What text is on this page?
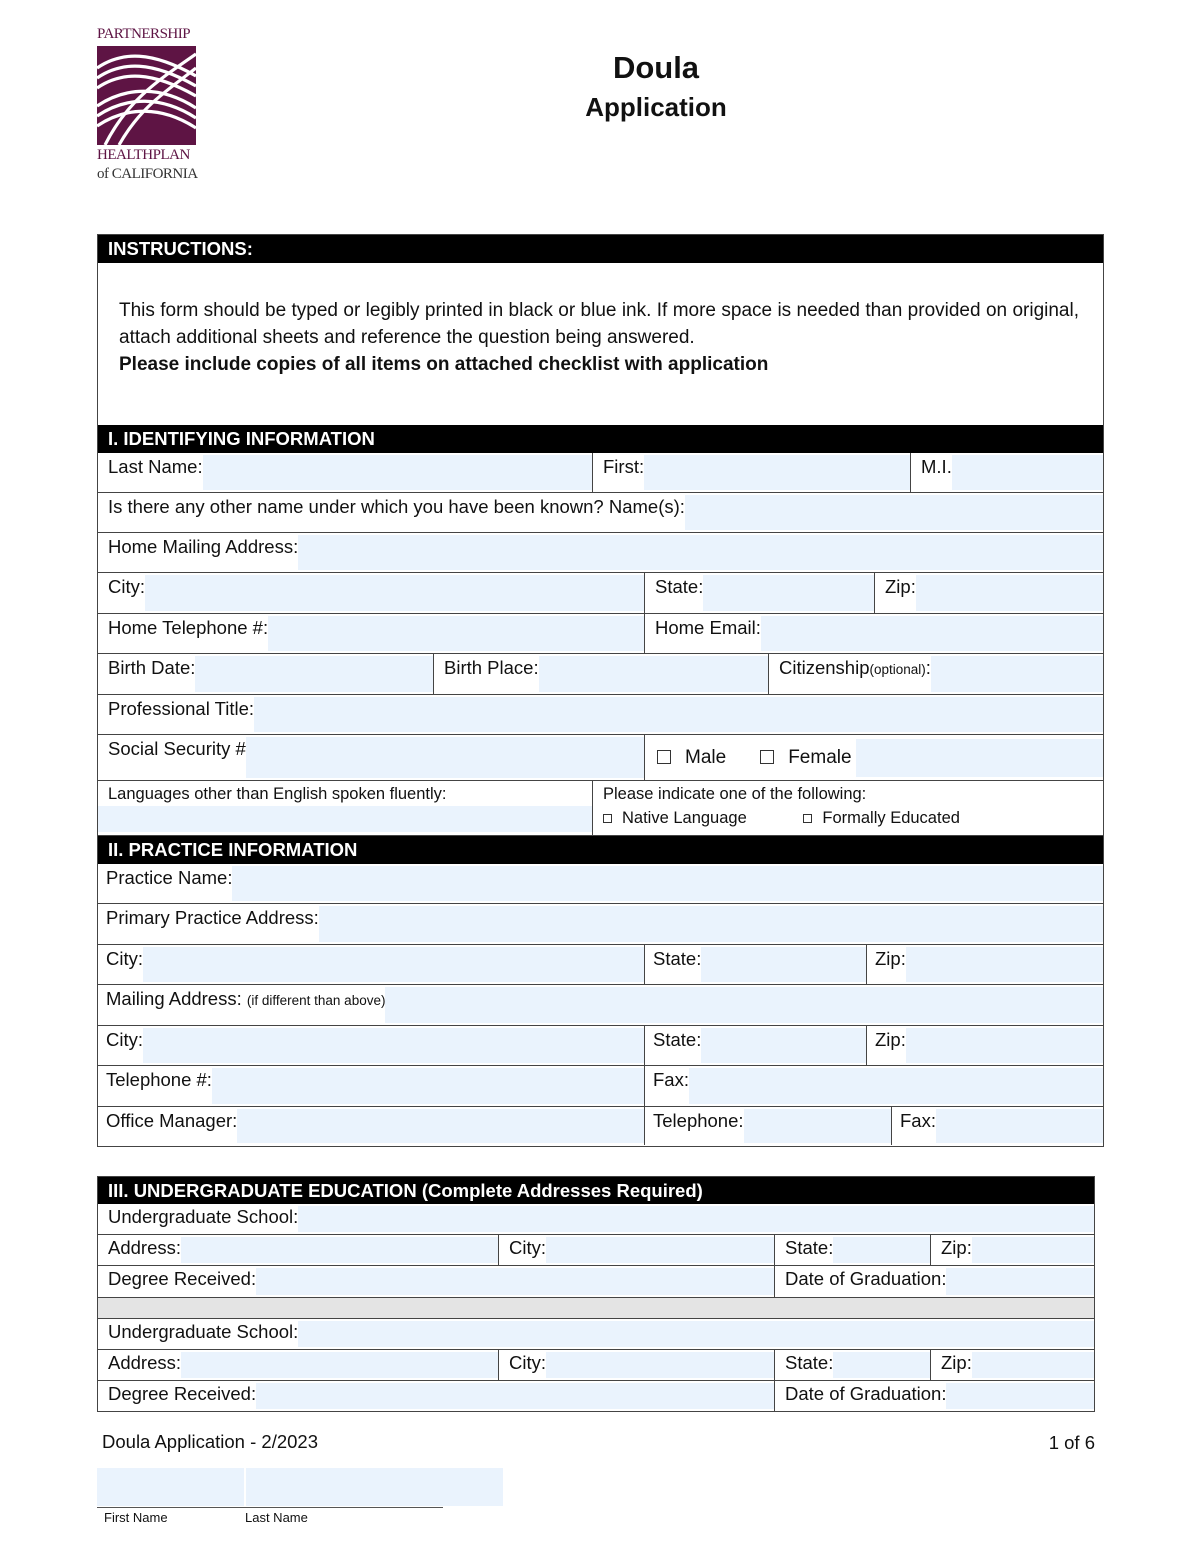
PARTNERSHIP
HEALTHPLAN
of CALIFORNIA
Doula
Application
INSTRUCTIONS:
This form should be typed or legibly printed in black or blue ink. If more space is needed than provided on original, attach additional sheets and reference the question being answered.
Please include copies of all items on attached checklist with application
I. IDENTIFYING INFORMATION
Last Name:	First:	M.I.
Is there any other name under which you have been known? Name(s):
Home Mailing Address:
City:	State:	Zip:
Home Telephone #:	Home Email:
Birth Date:	Birth Place:	Citizenship(optional):
Professional Title:
Social Security #	Male	Female
Languages other than English spoken fluently:	Please indicate one of the following:
Native Language	Formally Educated
II. PRACTICE INFORMATION
Practice Name:
Primary Practice Address:
City:	State:	Zip:
Mailing Address: (if different than above)
City:	State:	Zip:
Telephone #:	Fax:
Office Manager:	Telephone:	Fax:
III. UNDERGRADUATE EDUCATION (Complete Addresses Required)
Undergraduate School:
Address:	City:	State:	Zip:
Degree Received:	Date of Graduation:
Undergraduate School:
Address:	City:	State:	Zip:
Degree Received:	Date of Graduation:
Doula Application - 2/2023	1 of 6
First Name	Last Name
